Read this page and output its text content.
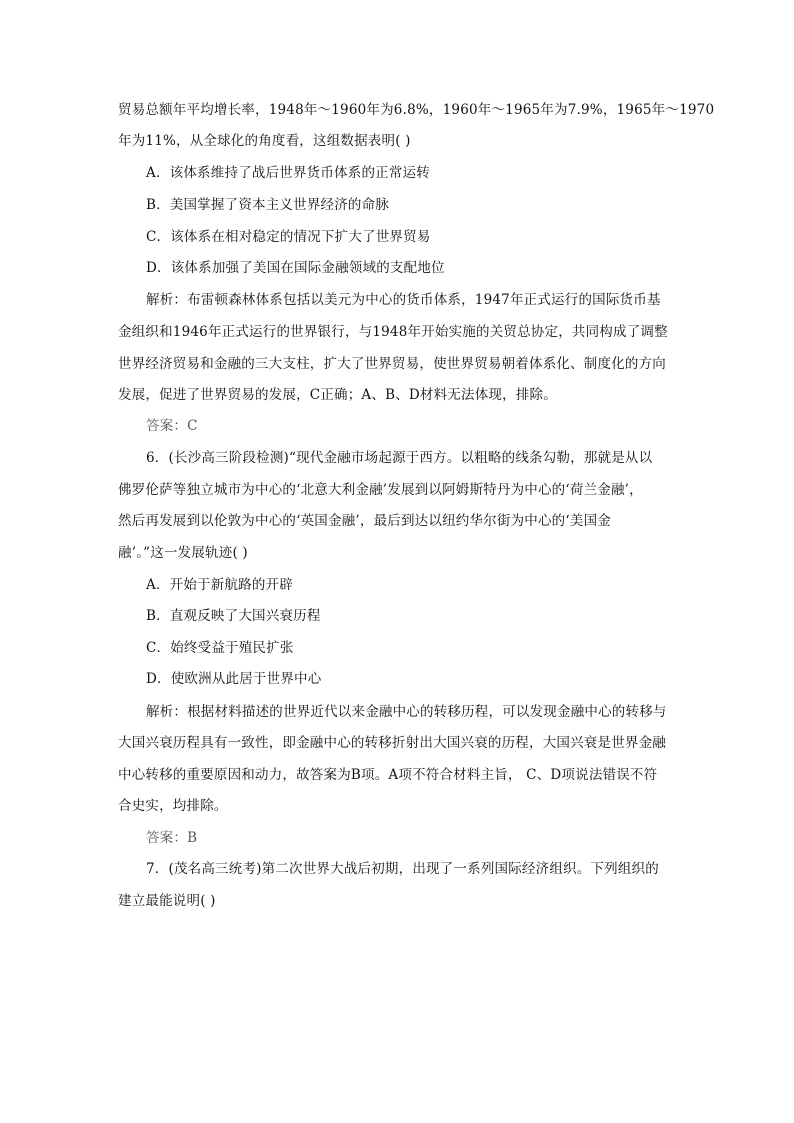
贸易总额年平均增长率，1948年～1960年为6.8%，1960年～1965年为7.9%，1965年～1970
年为11%，从全球化的角度看，这组数据表明( )
A．该体系维持了战后世界货币体系的正常运转
B．美国掌握了资本主义世界经济的命脉
C．该体系在相对稳定的情况下扩大了世界贸易
D．该体系加强了美国在国际金融领域的支配地位
解析：布雷顿森林体系包括以美元为中心的货币体系，1947年正式运行的国际货币基
金组织和1946年正式运行的世界银行，与1948年开始实施的关贸总协定，共同构成了调整
世界经济贸易和金融的三大支柱，扩大了世界贸易，使世界贸易朝着体系化、制度化的方向
发展，促进了世界贸易的发展，C正确；A、B、D材料无法体现，排除。
答案：C
6．(长沙高三阶段检测)“现代金融市场起源于西方。以粗略的线条勾勒，那就是从以
佛罗伦萨等独立城市为中心的‘北意大利金融’发展到以阿姆斯特丹为中心的‘荷兰金融’，
然后再发展到以伦敦为中心的‘英国金融’，最后到达以纽约华尔街为中心的‘美国金
融’。”这一发展轨迹( )
A．开始于新航路的开辟
B．直观反映了大国兴衰历程
C．始终受益于殖民扩张
D．使欧洲从此居于世界中心
解析：根据材料描述的世界近代以来金融中心的转移历程，可以发现金融中心的转移与
大国兴衰历程具有一致性，即金融中心的转移折射出大国兴衰的历程，大国兴衰是世界金融
中心转移的重要原因和动力，故答案为B项。A项不符合材料主旨， C、D项说法错误不符
合史实，均排除。
答案：B
7．(茂名高三统考)第二次世界大战后初期，出现了一系列国际经济组织。下列组织的
建立最能说明( )
